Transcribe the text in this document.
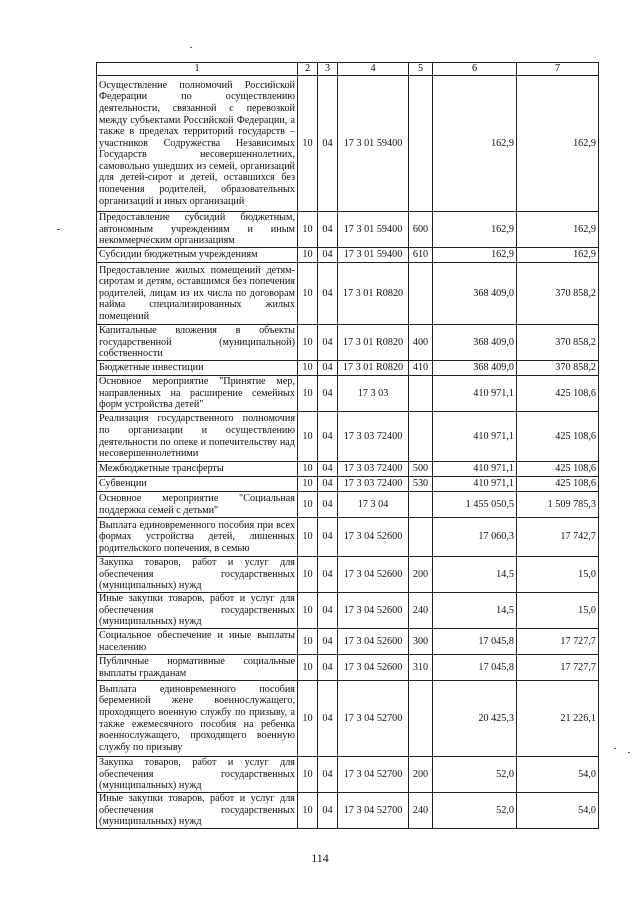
1	2	3	4	5	6	7
Осуществление полномочий Российской Федерации по осуществлению деятельности, связанной с перевозкой между субъектами Российской Федерации, а также в пределах территорий государств – участников Содружества Независимых Государств несовершеннолетних, самовольно ушедших из семей, организаций для детей-сирот и детей, оставшихся без попечения родителей, образовательных организаций и иных организаций	10	04	17 3 01 59400		162,9	162,9
Предоставление субсидий бюджетным, автономным учреждениям и иным некоммерческим организациям	10	04	17 3 01 59400	600	162,9	162,9
Субсидии бюджетным учреждениям	10	04	17 3 01 59400	610	162,9	162,9
Предоставление жилых помещений детям-сиротам и детям, оставшимся без попечения родителей, лицам из их числа по договорам найма специализированных жилых помещений	10	04	17 3 01 R0820		368 409,0	370 858,2
Капитальные вложения в объекты государственной (муниципальной) собственности	10	04	17 3 01 R0820	400	368 409,0	370 858,2
Бюджетные инвестиции	10	04	17 3 01 R0820	410	368 409,0	370 858,2
Основное мероприятие "Принятие мер, направленных на расширение семейных форм устройства детей"	10	04	17 3 03		410 971,1	425 108,6
Реализация государственного полномочия по организации и осуществлению деятельности по опеке и попечительству над несовершеннолетними	10	04	17 3 03 72400		410 971,1	425 108,6
Межбюджетные трансферты	10	04	17 3 03 72400	500	410 971,1	425 108,6
Субвенции	10	04	17 3 03 72400	530	410 971,1	425 108,6
Основное мероприятие "Социальная поддержка семей с детьми"	10	04	17 3 04		1 455 050,5	1 509 785,3
Выплата единовременного пособия при всех формах устройства детей, лишенных родительского попечения, в семью	10	04	17 3 04 52600		17 060,3	17 742,7
Закупка товаров, работ и услуг для обеспечения государственных (муниципальных) нужд	10	04	17 3 04 52600	200	14,5	15,0
Иные закупки товаров, работ и услуг для обеспечения государственных (муниципальных) нужд	10	04	17 3 04 52600	240	14,5	15,0
Социальное обеспечение и иные выплаты населению	10	04	17 3 04 52600	300	17 045,8	17 727,7
Публичные нормативные социальные выплаты гражданам	10	04	17 3 04 52600	310	17 045,8	17 727,7
Выплата единовременного пособия беременной жене военнослужащего, проходящего военную службу по призыву, а также ежемесячного пособия на ребенка военнослужащего, проходящего военную службу по призыву	10	04	17 3 04 52700		20 425,3	21 226,1
Закупка товаров, работ и услуг для обеспечения государственных (муниципальных) нужд	10	04	17 3 04 52700	200	52,0	54,0
Иные закупки товаров, работ и услуг для обеспечения государственных (муниципальных) нужд	10	04	17 3 04 52700	240	52,0	54,0
114
